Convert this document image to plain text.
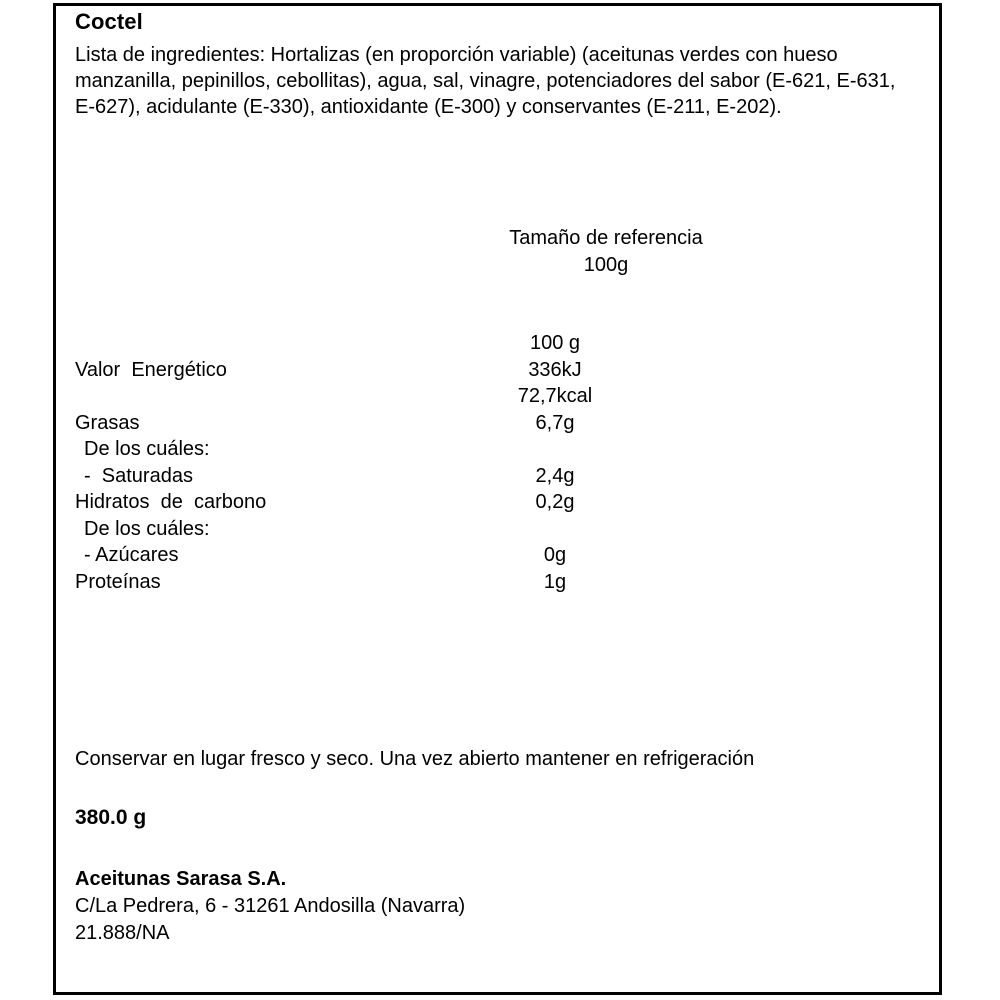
Coctel
Lista de ingredientes: Hortalizas (en proporción variable) (aceitunas verdes con hueso manzanilla, pepinillos, cebollitas), agua, sal, vinagre, potenciadores del sabor (E-621, E-631, E-627), acidulante (E-330), antioxidante (E-300) y conservantes (E-211, E-202).
Tamaño de referencia
100g
100 g
Valor  Energético	336kJ
72,7kcal
Grasas	6,7g
De los cuáles:
-  Saturadas	2,4g
Hidratos  de  carbono	0,2g
De los cuáles:
- Azúcares	0g
Proteínas	1g
Conservar en lugar fresco y seco. Una vez abierto mantener en refrigeración
380.0 g
Aceitunas Sarasa S.A.
C/La Pedrera, 6 - 31261 Andosilla (Navarra)
21.888/NA
